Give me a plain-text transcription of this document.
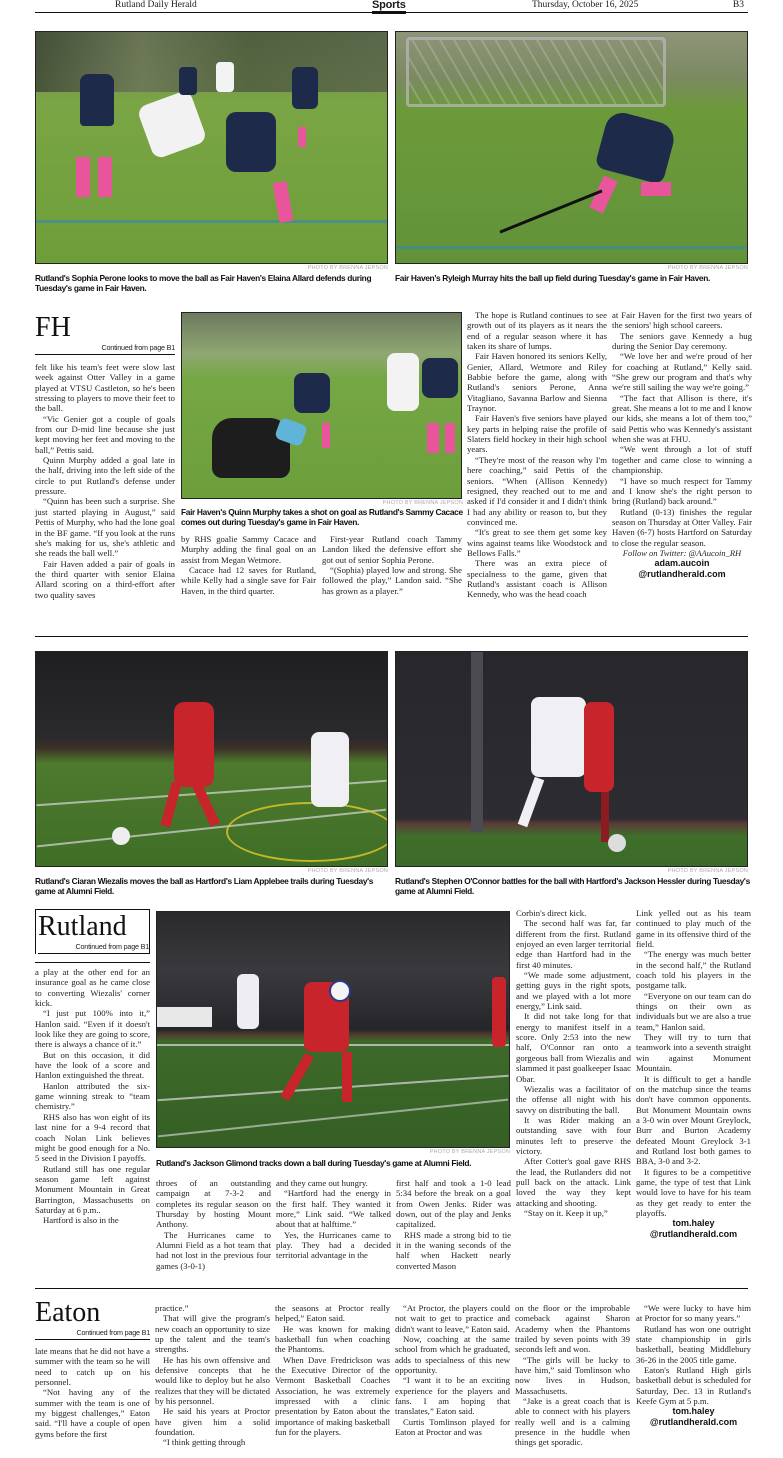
Rutland Daily Herald	Sports	Thursday, October 16, 2025	B3
PHOTO BY BRENNA JEPSON
Rutland's Sophia Perone looks to move the ball as Fair Haven's Elaina Allard defends during Tuesday's game in Fair Haven.
PHOTO BY BRENNA JEPSON
Fair Haven's Ryleigh Murray hits the ball up field during Tuesday's game in Fair Haven.
FH
Continued from page B1

felt like his team's feet were slow last week against Otter Valley in a game played at VTSU Castleton, so he's been stressing to players to move their feet to the ball.

“Vic Genier got a couple of goals from our D-mid line because she just kept moving her feet and moving to the ball,” Pettis said.

Quinn Murphy added a goal late in the half, driving into the left side of the circle to put Rutland's defense under pressure.

“Quinn has been such a surprise. She just started playing in August,” said Pettis of Murphy, who had the lone goal in the BF game. “If you look at the runs she's making for us, she's athletic and she reads the ball well.”

Fair Haven added a pair of goals in the third quarter with senior Elaina Allard scoring on a third-effort after two quality saves

PHOTO BY BRENNA JEPSON
Fair Haven's Quinn Murphy takes a shot on goal as Rutland's Sammy Cacace comes out during Tuesday's game in Fair Haven.

by RHS goalie Sammy Cacace and Murphy adding the final goal on an assist from Megan Wetmore.

Cacace had 12 saves for Rutland, while Kelly had a single save for Fair Haven, in the third quarter.

First-year Rutland coach Tammy Landon liked the defensive effort she got out of senior Sophia Perone.

“(Sophia) played low and strong. She followed the play,” Landon said. “She has grown as a player.”

The hope is Rutland continues to see growth out of its players as it nears the end of a regular season where it has taken its share of lumps.

Fair Haven honored its seniors Kelly, Genier, Allard, Wetmore and Riley Babbie before the game, along with Rutland's seniors Perone, Anna Vitagliano, Savanna Barlow and Sienna Traynor.

Fair Haven's five seniors have played key parts in helping raise the profile of Slaters field hockey in their high school years.

“They're most of the reason why I'm here coaching,” said Pettis of the seniors. “When (Allison Kennedy) resigned, they reached out to me and asked if I'd consider it and I didn't think I had any ability or reason to, but they convinced me.

“It's great to see them get some key wins against teams like Woodstock and Bellows Falls.”

There was an extra piece of specialness to the game, given that Rutland's assistant coach is Allison Kennedy, who was the head coach

at Fair Haven for the first two years of the seniors' high school careers.

The seniors gave Kennedy a hug during the Senior Day ceremony.

“We love her and we're proud of her for coaching at Rutland,” Kelly said. “She grew our program and that's why we're still sailing the way we're going.”

“The fact that Allison is there, it's great. She means a lot to me and I know our kids, she means a lot of them too,” said Pettis who was Kennedy's assistant when she was at FHU.

“We went through a lot of stuff together and came close to winning a championship.

“I have so much respect for Tammy and I know she's the right person to bring (Rutland) back around.”

Rutland (0-13) finishes the regular season on Thursday at Otter Valley. Fair Haven (6-7) hosts Hartford on Saturday to close the regular season.

Follow on Twitter: @AAucoin_RH
adam.aucoin
@rutlandherald.com
PHOTO BY BRENNA JEPSON
Rutland's Ciaran Wiezalis moves the ball as Hartford's Liam Applebee trails during Tuesday's game at Alumni Field.
PHOTO BY BRENNA JEPSON
Rutland's Stephen O'Connor battles for the ball with Hartford's Jackson Hessler during Tuesday's game at Alumni Field.
Rutland
Continued from page B1

a play at the other end for an insurance goal as he came close to converting Wiezalis' corner kick.

“I just put 100% into it,” Hanlon said. “Even if it doesn't look like they are going to score, there is always a chance of it.”

But on this occasion, it did have the look of a score and Hanlon extinguished the threat.

Hanlon attributed the six-game winning streak to “team chemistry.”

RHS also has won eight of its last nine for a 9-4 record that coach Nolan Link believes might be good enough for a No. 5 seed in the Division I payoffs.

Rutland still has one regular season game left against Monument Mountain in Great Barrington, Massachusetts on Saturday at 6 p.m..

Hartford is also in the

PHOTO BY BRENNA JEPSON
Rutland's Jackson Glimond tracks down a ball during Tuesday's game at Alumni Field.

throes of an outstanding campaign at 7-3-2 and completes its regular season on Thursday by hosting Mount Anthony.

The Hurricanes came to Alumni Field as a hot team that had not lost in the previous four games (3-0-1)

and they came out hungry.

“Hartford had the energy in the first half. They wanted it more,” Link said. “We talked about that at halftime.”

Yes, the Hurricanes came to play. They had a decided territorial advantage in the

first half and took a 1-0 lead 5:34 before the break on a goal from Owen Jenks. Rider was down, out of the play and Jenks capitalized.

RHS made a strong bid to tie it in the waning seconds of the half when Hackett nearly converted Mason

Corbin's direct kick.

The second half was far, far different from the first. Rutland enjoyed an even larger territorial edge than Hartford had in the first 40 minutes.

“We made some adjustment, getting guys in the right spots, and we played with a lot more energy,” Link said.

It did not take long for that energy to manifest itself in a score. Only 2:53 into the new half, O'Connor ran onto a gorgeous ball from Wiezalis and slammed it past goalkeeper Isaac Obar.

Wiezalis was a facilitator of the offense all night with his savvy on distributing the ball.

It was Rider making an outstanding save with four minutes left to preserve the victory.

After Cotter's goal gave RHS the lead, the Rutlanders did not pull back on the attack. Link loved the way they kept attacking and shooting.

“Stay on it. Keep it up,”

Link yelled out as his team continued to play much of the game in its offensive third of the field.

“The energy was much better in the second half,” the Rutland coach told his players in the postgame talk.

“Everyone on our team can do things on their own as individuals but we are also a true team,” Hanlon said.

They will try to turn that teamwork into a seventh straight win against Monument Mountain.

It is difficult to get a handle on the matchup since the teams don't have common opponents. But Monument Mountain owns a 3-0 win over Mount Greylock, Burr and Burton Academy defeated Mount Greylock 3-1 and Rutland lost both games to BBA, 3-0 and 3-2.

It figures to be a competitive game, the type of test that Link would love to have for his team as they get ready to enter the playoffs.

tom.haley
@rutlandherald.com
Eaton
Continued from page B1

late means that he did not have a summer with the team so he will need to catch up on his personnel.

“Not having any of the summer with the team is one of my biggest challenges,” Eaton said. “I'll have a couple of open gyms before the first

practice.”

That will give the program's new coach an opportunity to size up the talent and the team's strengths.

He has his own offensive and defensive concepts that he would like to deploy but he also realizes that they will be dictated by his personnel.

He said his years at Proctor have given him a solid foundation.

“I think getting through

the seasons at Proctor really helped,” Eaton said.

He was known for making basketball fun when coaching the Phantoms.

When Dave Fredrickson was the Executive Director of the Vermont Basketball Coaches Association, he was extremely impressed with a clinic presentation by Eaton about the importance of making basketball fun for the players.

“At Proctor, the players could not wait to get to practice and didn't want to leave,” Eaton said.

Now, coaching at the same school from which he graduated, adds to specialness of this new opportunity.

“I want it to be an exciting experience for the players and fans. I am hoping that translates,” Eaton said.

Curtis Tomlinson played for Eaton at Proctor and was

on the floor or the improbable comeback against Sharon Academy when the Phantoms trailed by seven points with 39 seconds left and won.

“The girls will be lucky to have him,” said Tomlinson who now lives in Hudson, Massachusetts.

“Jake is a great coach that is able to connect with his players really well and is a calming presence in the huddle when things get sporadic.

“We were lucky to have him at Proctor for so many years.”

Rutland has won one outright state championship in girls basketball, beating Middlebury 36-26 in the 2005 title game.

Eaton's Rutland High girls basketball debut is scheduled for Saturday, Dec. 13 in Rutland's Keefe Gym at 5 p.m.

tom.haley
@rutlandherald.com
